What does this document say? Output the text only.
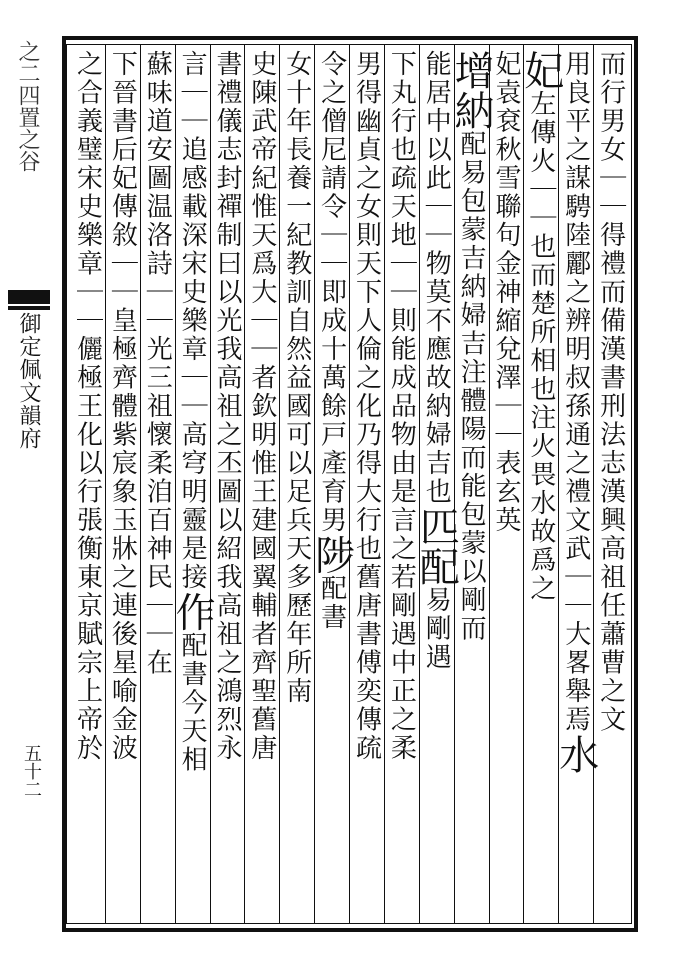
之二四置之谷
御定佩文韻府
五十二
而行男女｜｜得禮而備漢書刑法志漢興高祖任蕭曹之文
用良平之謀騁陸酈之辨明叔孫通之禮文武｜｜大畧舉焉水
妃左傳火｜｜也而楚所相也注火畏水故爲之
妃袁袞秋雪聯句金神縮兌澤｜｜表玄英
增納配易包蒙吉納婦吉注體陽而能包蒙以剛而
能居中以此｜｜物莫不應故納婦吉也匹配易剛遇
下丸行也疏天地｜｜則能成品物由是言之若剛遇中正之柔
男得幽貞之女則天下人倫之化乃得大行也舊唐書傅奕傳疏
令之僧尼請令｜｜即成十萬餘戸產育男陟配書
女十年長養一紀教訓自然益國可以足兵天多歷年所南
史陳武帝紀惟天爲大｜｜者欽明惟王建國翼輔者齊聖舊唐
書禮儀志封禪制曰以光我高祖之丕圖以紹我高祖之鴻烈永
言｜｜追感載深宋史樂章｜｜高穹明靈是接作配書今天相
蘇味道安圖温洛詩｜｜光三祖懷柔洎百神民｜｜在
下晉書后妃傳敘｜｜皇極齊體紫宸象玉牀之連後星喻金波
之合義璧宋史樂章｜｜儷極王化以行張衡東京賦宗上帝於
